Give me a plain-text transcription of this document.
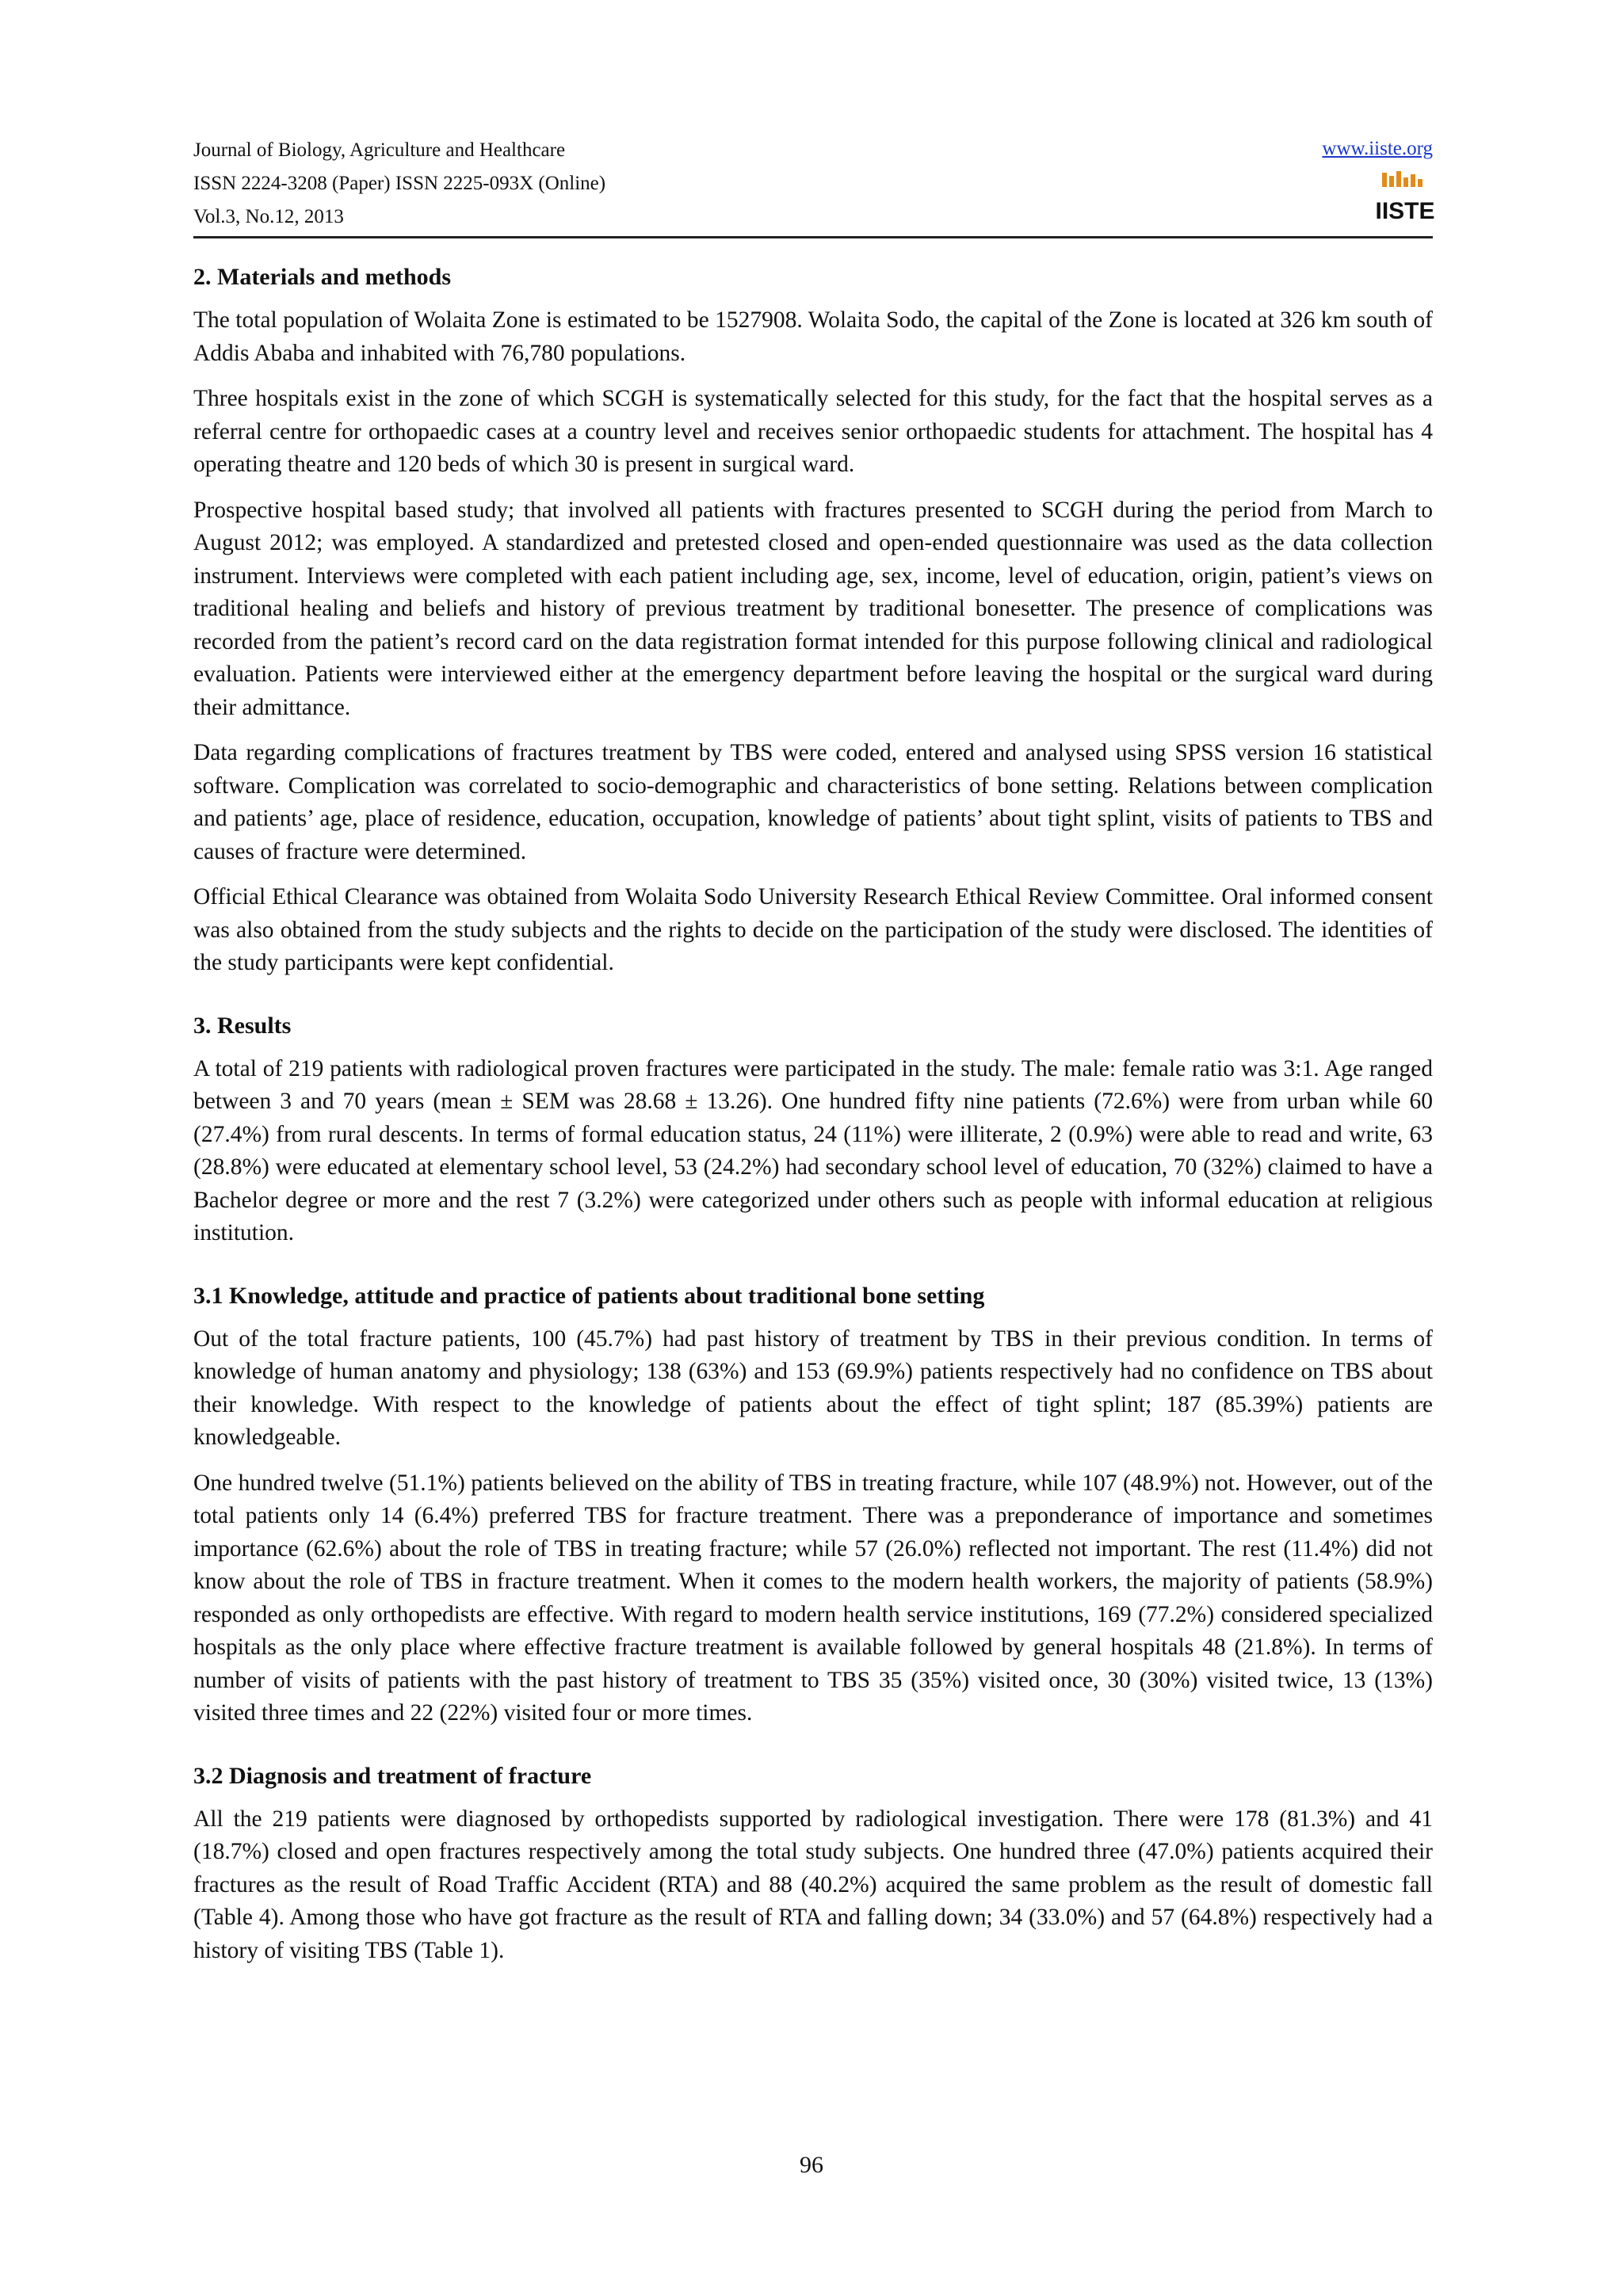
Journal of Biology, Agriculture and Healthcare
ISSN 2224-3208 (Paper) ISSN 2225-093X (Online)
Vol.3, No.12, 2013
www.iiste.org
IISTE
2. Materials and methods

The total population of Wolaita Zone is estimated to be 1527908. Wolaita Sodo, the capital of the Zone is located at 326 km south of Addis Ababa and inhabited with 76,780 populations.

Three hospitals exist in the zone of which SCGH is systematically selected for this study, for the fact that the hospital serves as a referral centre for orthopaedic cases at a country level and receives senior orthopaedic students for attachment. The hospital has 4 operating theatre and 120 beds of which 30 is present in surgical ward.

Prospective hospital based study; that involved all patients with fractures presented to SCGH during the period from March to August 2012; was employed. A standardized and pretested closed and open-ended questionnaire was used as the data collection instrument. Interviews were completed with each patient including age, sex, income, level of education, origin, patient’s views on traditional healing and beliefs and history of previous treatment by traditional bonesetter. The presence of complications was recorded from the patient’s record card on the data registration format intended for this purpose following clinical and radiological evaluation. Patients were interviewed either at the emergency department before leaving the hospital or the surgical ward during their admittance.

Data regarding complications of fractures treatment by TBS were coded, entered and analysed using SPSS version 16 statistical software. Complication was correlated to socio-demographic and characteristics of bone setting. Relations between complication and patients’ age, place of residence, education, occupation, knowledge of patients’ about tight splint, visits of patients to TBS and causes of fracture were determined.

Official Ethical Clearance was obtained from Wolaita Sodo University Research Ethical Review Committee. Oral informed consent was also obtained from the study subjects and the rights to decide on the participation of the study were disclosed. The identities of the study participants were kept confidential.

3. Results

A total of 219 patients with radiological proven fractures were participated in the study. The male: female ratio was 3:1. Age ranged between 3 and 70 years (mean ± SEM was 28.68 ± 13.26). One hundred fifty nine patients (72.6%) were from urban while 60 (27.4%) from rural descents. In terms of formal education status, 24 (11%) were illiterate, 2 (0.9%) were able to read and write, 63 (28.8%) were educated at elementary school level, 53 (24.2%) had secondary school level of education, 70 (32%) claimed to have a Bachelor degree or more and the rest 7 (3.2%) were categorized under others such as people with informal education at religious institution.

3.1 Knowledge, attitude and practice of patients about traditional bone setting

Out of the total fracture patients, 100 (45.7%) had past history of treatment by TBS in their previous condition. In terms of knowledge of human anatomy and physiology; 138 (63%) and 153 (69.9%) patients respectively had no confidence on TBS about their knowledge. With respect to the knowledge of patients about the effect of tight splint; 187 (85.39%) patients are knowledgeable.

One hundred twelve (51.1%) patients believed on the ability of TBS in treating fracture, while 107 (48.9%) not. However, out of the total patients only 14 (6.4%) preferred TBS for fracture treatment. There was a preponderance of importance and sometimes importance (62.6%) about the role of TBS in treating fracture; while 57 (26.0%) reflected not important. The rest (11.4%) did not know about the role of TBS in fracture treatment. When it comes to the modern health workers, the majority of patients (58.9%) responded as only orthopedists are effective. With regard to modern health service institutions, 169 (77.2%) considered specialized hospitals as the only place where effective fracture treatment is available followed by general hospitals 48 (21.8%). In terms of number of visits of patients with the past history of treatment to TBS 35 (35%) visited once, 30 (30%) visited twice, 13 (13%) visited three times and 22 (22%) visited four or more times.

3.2 Diagnosis and treatment of fracture

All the 219 patients were diagnosed by orthopedists supported by radiological investigation. There were 178 (81.3%) and 41 (18.7%) closed and open fractures respectively among the total study subjects. One hundred three (47.0%) patients acquired their fractures as the result of Road Traffic Accident (RTA) and 88 (40.2%) acquired the same problem as the result of domestic fall (Table 4). Among those who have got fracture as the result of RTA and falling down; 34 (33.0%) and 57 (64.8%) respectively had a history of visiting TBS (Table 1).

96
